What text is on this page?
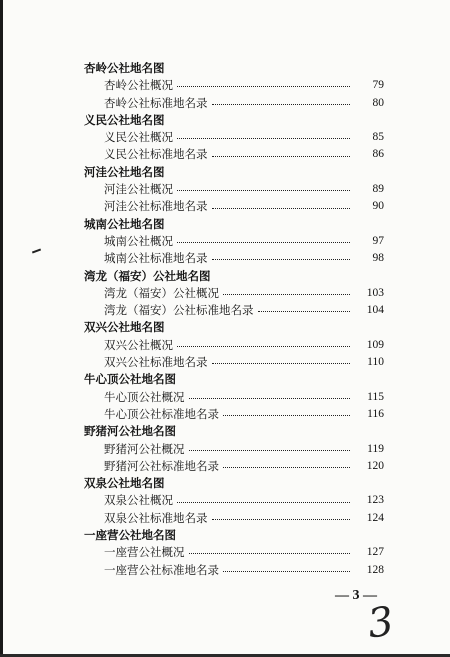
杏岭公社地名图
杏岭公社概况	79
杏岭公社标准地名录	80
义民公社地名图
义民公社概况	85
义民公社标准地名录	86
河洼公社地名图
河洼公社概况	89
河洼公社标准地名录	90
城南公社地名图
城南公社概况	97
城南公社标准地名录	98
湾龙（福安）公社地名图
湾龙（福安）公社概况	103
湾龙（福安）公社标准地名录	104
双兴公社地名图
双兴公社概况	109
双兴公社标准地名录	110
牛心顶公社地名图
牛心顶公社概况	115
牛心顶公社标准地名录	116
野猪河公社地名图
野猪河公社概况	119
野猪河公社标准地名录	120
双泉公社地名图
双泉公社概况	123
双泉公社标准地名录	124
一座营公社地名图
一座营公社概况	127
一座营公社标准地名录	128
— 3 —
3
